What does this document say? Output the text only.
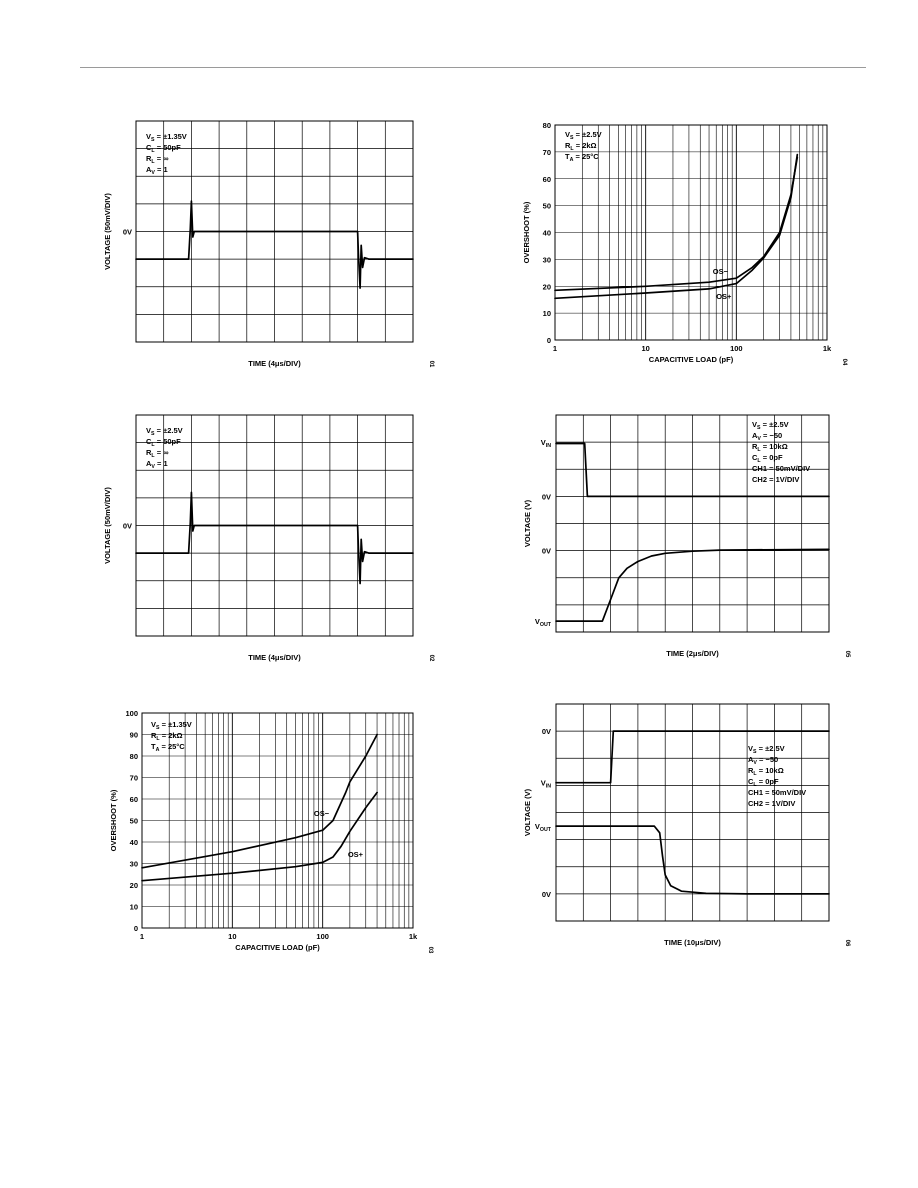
0V
$V_S = \pm 1.35V$
$C_L = 50pF$
$R_L$ = ∞
$A_V = 1$
TIME (4μs/DIV)
VOLTAGE (50mV/DIV)
01
0
10
20
30
40
50
60
70
80
1	10	100	1k
$V_S = \pm 2.5V$
$R_L = 2k\Omega$
$T_A = 25^\circ C$
OS−
OS+
CAPACITIVE LOAD (pF)
OVERSHOOT (%)
04
0V
$V_S = \pm 2.5V$
$C_L = 50pF$
$R_L$ = ∞
$A_V = 1$
TIME (4μs/DIV)
VOLTAGE (50mV/DIV)
02
$V_{IN}$
0V
0V
$V_{OUT}$
$V_S = \pm 2.5V$
$A_V = -50$
$R_L = 10k\Omega$
$C_L = 0pF$
CH1 = 50mV/DIV
CH2 = 1V/DIV
TIME (2μs/DIV)
VOLTAGE (V)
05
0
10
20
30
40
50
60
70
80
90
100
1	10	100	1k
$V_S = \pm 1.35V$
$R_L = 2k\Omega$
$T_A = 25^\circ C$
OS−
OS+
CAPACITIVE LOAD (pF)
OVERSHOOT (%)
03
0V
$V_{IN}$
$V_{OUT}$
0V
$V_S = \pm 2.5V$
$A_V = -50$
$R_L = 10k\Omega$
$C_L = 0pF$
CH1 = 50mV/DIV
CH2 = 1V/DIV
TIME (10μs/DIV)
VOLTAGE (V)
06
